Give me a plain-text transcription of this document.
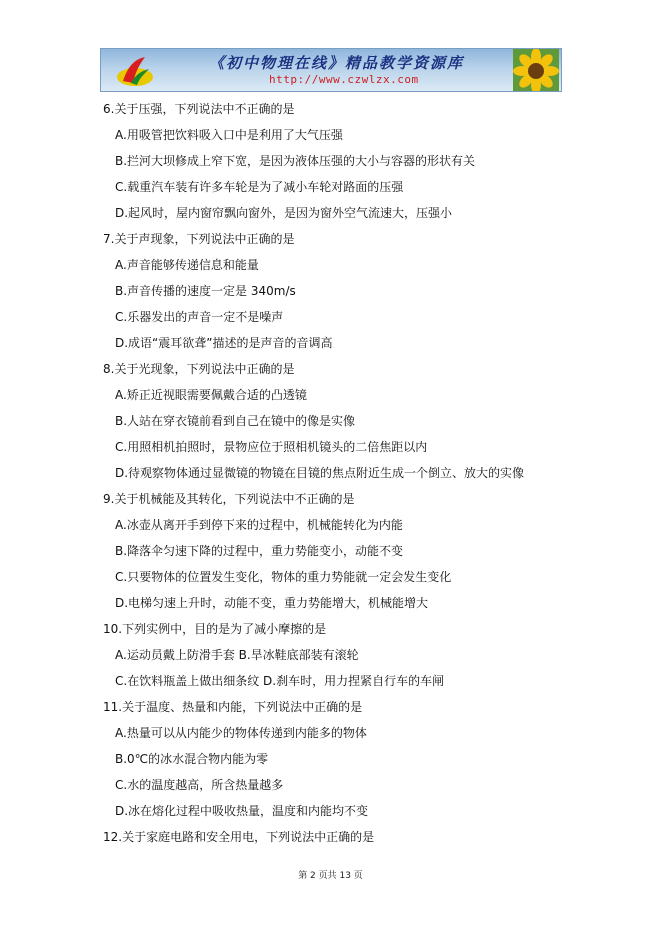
《初中物理在线》精品教学资源库
http://www.czwlzx.com
6.关于压强，下列说法中不正确的是
A.用吸管把饮料吸入口中是利用了大气压强
B.拦河大坝修成上窄下宽，是因为液体压强的大小与容器的形状有关
C.载重汽车装有许多车轮是为了减小车轮对路面的压强
D.起风时，屋内窗帘飘向窗外，是因为窗外空气流速大，压强小
7.关于声现象，下列说法中正确的是
A.声音能够传递信息和能量
B.声音传播的速度一定是 340m/s
C.乐器发出的声音一定不是噪声
D.成语“震耳欲聋”描述的是声音的音调高
8.关于光现象，下列说法中正确的是
A.矫正近视眼需要佩戴合适的凸透镜
B.人站在穿衣镜前看到自己在镜中的像是实像
C.用照相机拍照时，景物应位于照相机镜头的二倍焦距以内
D.待观察物体通过显微镜的物镜在目镜的焦点附近生成一个倒立、放大的实像
9.关于机械能及其转化，下列说法中不正确的是
A.冰壶从离开手到停下来的过程中，机械能转化为内能
B.降落伞匀速下降的过程中，重力势能变小，动能不变
C.只要物体的位置发生变化，物体的重力势能就一定会发生变化
D.电梯匀速上升时，动能不变，重力势能增大，机械能增大
10.下列实例中，目的是为了减小摩擦的是
A.运动员戴上防滑手套 B.旱冰鞋底部装有滚轮
C.在饮料瓶盖上做出细条纹 D.刹车时，用力捏紧自行车的车闸
11.关于温度、热量和内能，下列说法中正确的是
A.热量可以从内能少的物体传递到内能多的物体
B.0℃的冰水混合物内能为零
C.水的温度越高，所含热量越多
D.冰在熔化过程中吸收热量，温度和内能均不变
12.关于家庭电路和安全用电，下列说法中正确的是
第 2 页共 13 页
